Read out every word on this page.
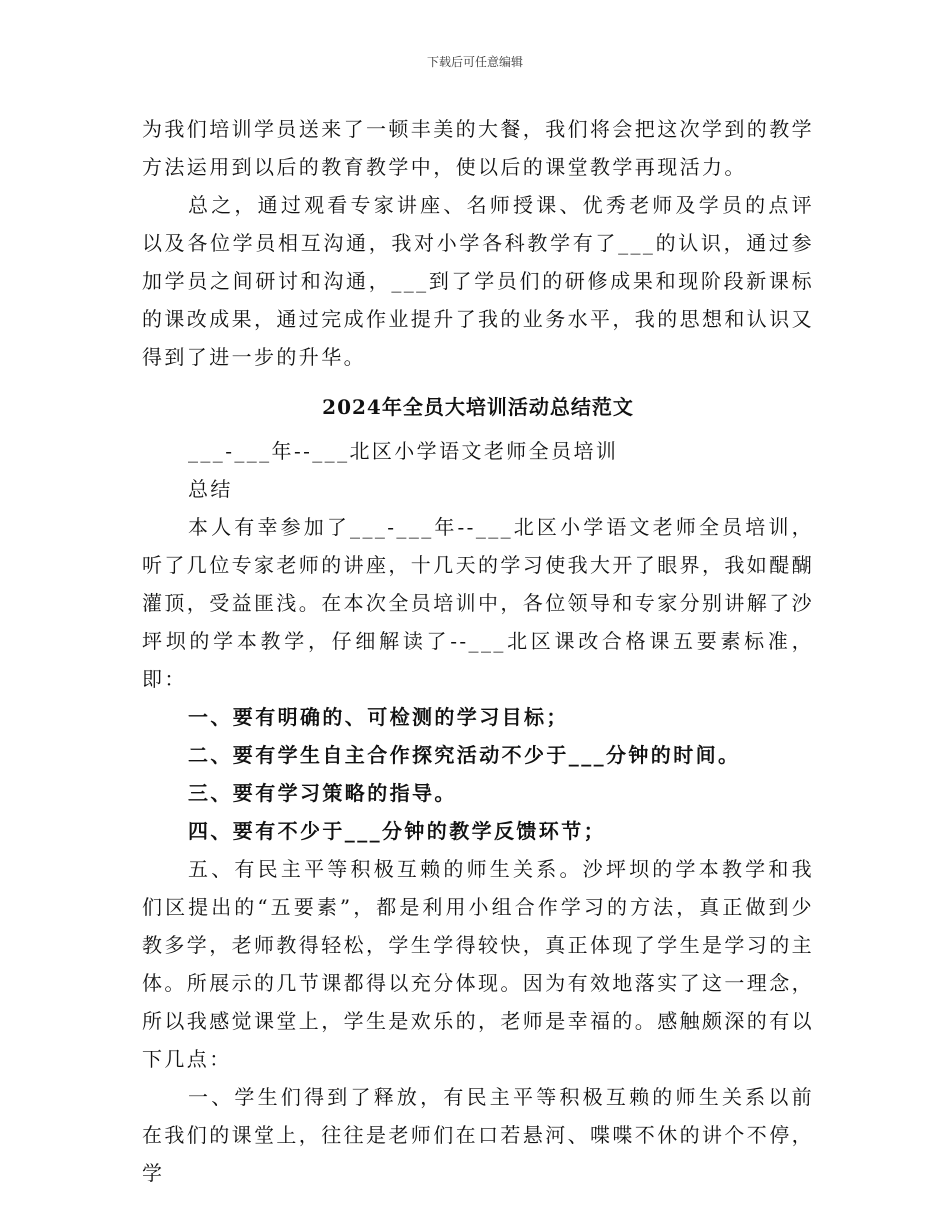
下载后可任意编辑

为我们培训学员送来了一顿丰美的大餐，我们将会把这次学到的教学方法运用到以后的教育教学中，使以后的课堂教学再现活力。

总之，通过观看专家讲座、名师授课、优秀老师及学员的点评以及各位学员相互沟通，我对小学各科教学有了___的认识，通过参加学员之间研讨和沟通，___到了学员们的研修成果和现阶段新课标的课改成果，通过完成作业提升了我的业务水平，我的思想和认识又得到了进一步的升华。

2024年全员大培训活动总结范文

___-___年--___北区小学语文老师全员培训

总结

本人有幸参加了___-___年--___北区小学语文老师全员培训，听了几位专家老师的讲座，十几天的学习使我大开了眼界，我如醍醐灌顶，受益匪浅。在本次全员培训中，各位领导和专家分别讲解了沙坪坝的学本教学，仔细解读了--___北区课改合格课五要素标准，即：

一、要有明确的、可检测的学习目标；

二、要有学生自主合作探究活动不少于___分钟的时间。

三、要有学习策略的指导。

四、要有不少于___分钟的教学反馈环节；

五、有民主平等积极互赖的师生关系。沙坪坝的学本教学和我们区提出的“五要素”，都是利用小组合作学习的方法，真正做到少教多学，老师教得轻松，学生学得较快，真正体现了学生是学习的主体。所展示的几节课都得以充分体现。因为有效地落实了这一理念，所以我感觉课堂上，学生是欢乐的，老师是幸福的。感触颇深的有以下几点：

一、学生们得到了释放，有民主平等积极互赖的师生关系以前在我们的课堂上，往往是老师们在口若悬河、喋喋不休的讲个不停，学
